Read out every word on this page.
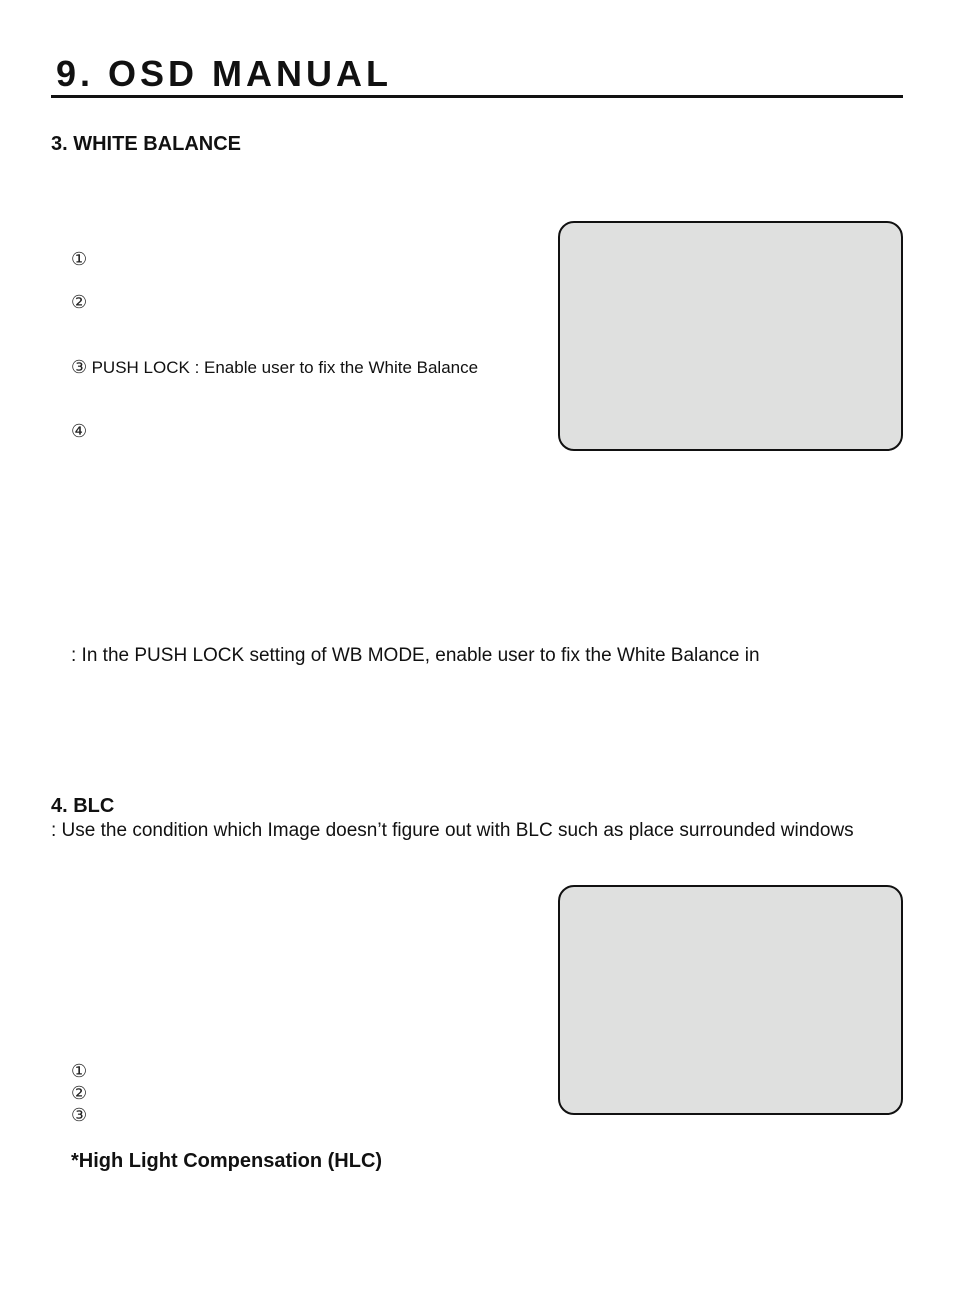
9. OSD MANUAL
3. WHITE BALANCE
①
②
③ PUSH LOCK : Enable user to fix the White Balance
④
: In the PUSH LOCK setting of WB MODE, enable user to fix the White Balance in
4. BLC
: Use the condition which Image doesn’t figure out with BLC such as place surrounded windows
①
②
③
*High Light Compensation (HLC)
